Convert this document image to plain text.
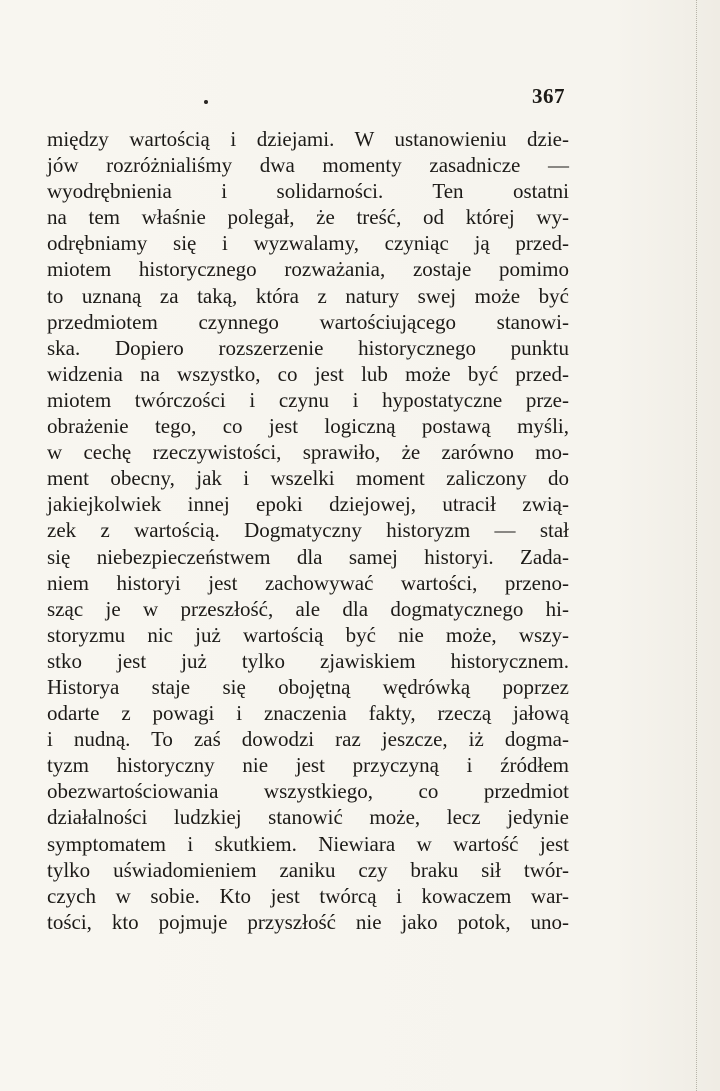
367
między wartością i dziejami. W ustanowieniu dzie-
jów rozróżnialiśmy dwa momenty zasadnicze —
wyodrębnienia i solidarności. Ten ostatni
na tem właśnie polegał, że treść, od której wy-
odrębniamy się i wyzwalamy, czyniąc ją przed-
miotem historycznego rozważania, zostaje pomimo
to uznaną za taką, która z natury swej może być
przedmiotem czynnego wartościującego stanowi-
ska. Dopiero rozszerzenie historycznego punktu
widzenia na wszystko, co jest lub może być przed-
miotem twórczości i czynu i hypostatyczne prze-
obrażenie tego, co jest logiczną postawą myśli,
w cechę rzeczywistości, sprawiło, że zarówno mo-
ment obecny, jak i wszelki moment zaliczony do
jakiejkolwiek innej epoki dziejowej, utracił zwią-
zek z wartością. Dogmatyczny historyzm — stał
się niebezpieczeństwem dla samej historyi. Zada-
niem historyi jest zachowywać wartości, przeno-
sząc je w przeszłość, ale dla dogmatycznego hi-
storyzmu nic już wartością być nie może, wszy-
stko jest już tylko zjawiskiem historycznem.
Historya staje się obojętną wędrówką poprzez
odarte z powagi i znaczenia fakty, rzeczą jałową
i nudną. To zaś dowodzi raz jeszcze, iż dogma-
tyzm historyczny nie jest przyczyną i źródłem
obezwartościowania wszystkiego, co przedmiot
działalności ludzkiej stanowić może, lecz jedynie
symptomatem i skutkiem. Niewiara w wartość jest
tylko uświadomieniem zaniku czy braku sił twór-
czych w sobie. Kto jest twórcą i kowaczem war-
tości, kto pojmuje przyszłość nie jako potok, uno-
